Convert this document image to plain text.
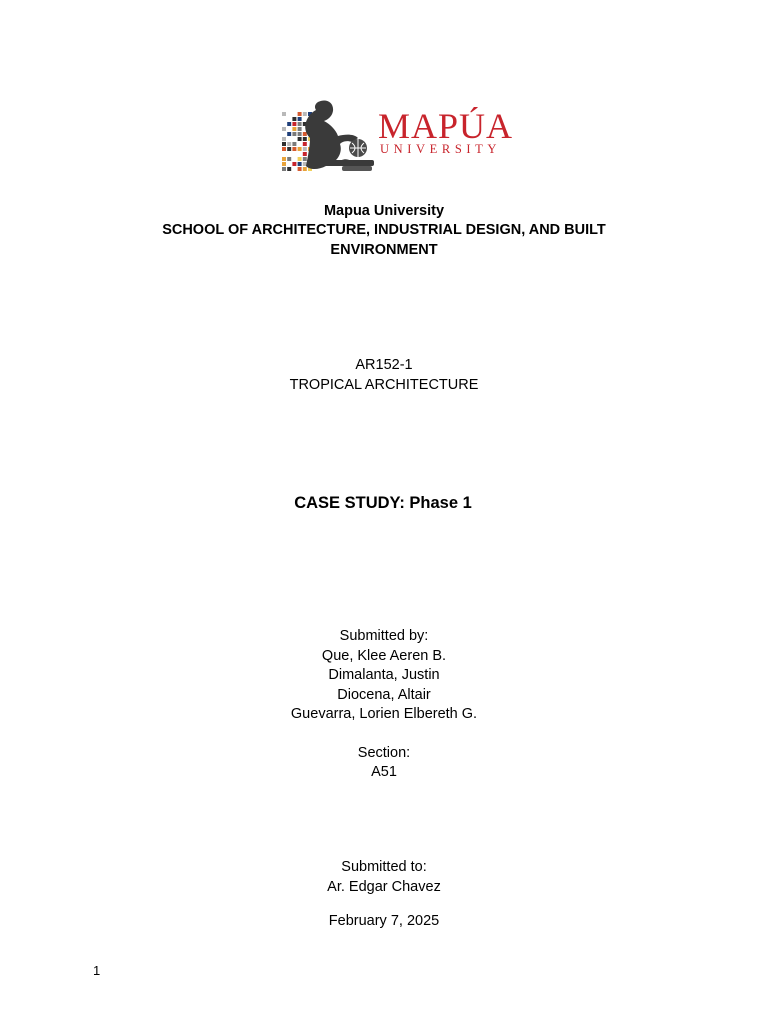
MAPÚA
UNIVERSITY
Mapua University
SCHOOL OF ARCHITECTURE, INDUSTRIAL DESIGN, AND BUILT
ENVIRONMENT
AR152-1
TROPICAL ARCHITECTURE
CASE STUDY: Phase 1
Submitted by:
Que, Klee Aeren B.
Dimalanta, Justin
Diocena, Altair
Guevarra, Lorien Elbereth G.
Section:
A51
Submitted to:
Ar. Edgar Chavez
February 7, 2025
1
